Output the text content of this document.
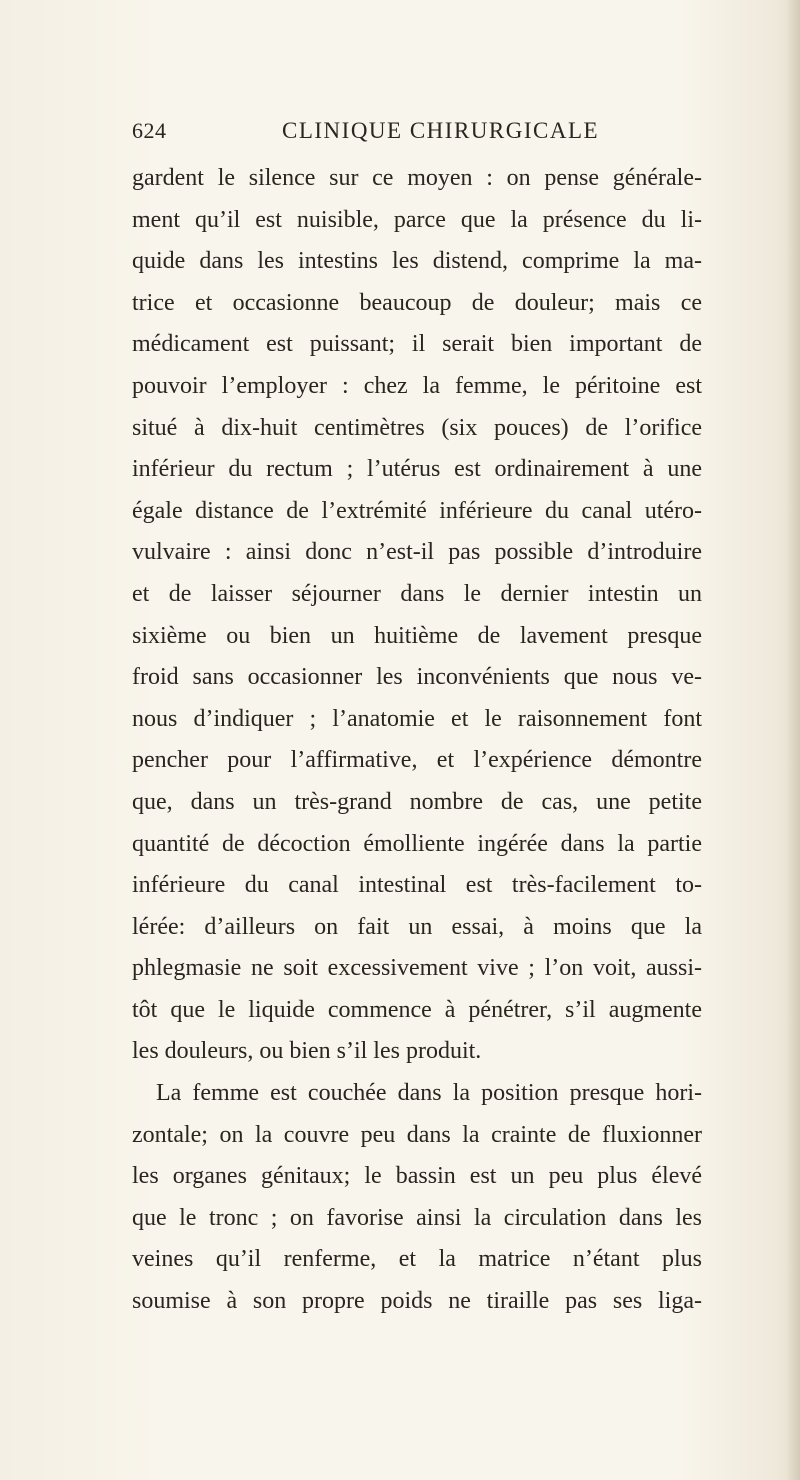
624	CLINIQUE CHIRURGICALE
gardent le silence sur ce moyen : on pense générale-
ment qu’il est nuisible, parce que la présence du li-
quide dans les intestins les distend, comprime la ma-
trice et occasionne beaucoup de douleur; mais ce
médicament est puissant; il serait bien important de
pouvoir l’employer : chez la femme, le péritoine est
situé à dix-huit centimètres (six pouces) de l’orifice
inférieur du rectum ; l’utérus est ordinairement à une
égale distance de l’extrémité inférieure du canal utéro-
vulvaire : ainsi donc n’est-il pas possible d’introduire
et de laisser séjourner dans le dernier intestin un
sixième ou bien un huitième de lavement presque
froid sans occasionner les inconvénients que nous ve-
nous d’indiquer ; l’anatomie et le raisonnement font
pencher pour l’affirmative, et l’expérience démontre
que, dans un très-grand nombre de cas, une petite
quantité de décoction émolliente ingérée dans la partie
inférieure du canal intestinal est très-facilement to-
lérée: d’ailleurs on fait un essai, à moins que la
phlegmasie ne soit excessivement vive ; l’on voit, aussi-
tôt que le liquide commence à pénétrer, s’il augmente
les douleurs, ou bien s’il les produit.
La femme est couchée dans la position presque hori-
zontale; on la couvre peu dans la crainte de fluxionner
les organes génitaux; le bassin est un peu plus élevé
que le tronc ; on favorise ainsi la circulation dans les
veines qu’il renferme, et la matrice n’étant plus
soumise à son propre poids ne tiraille pas ses liga-
